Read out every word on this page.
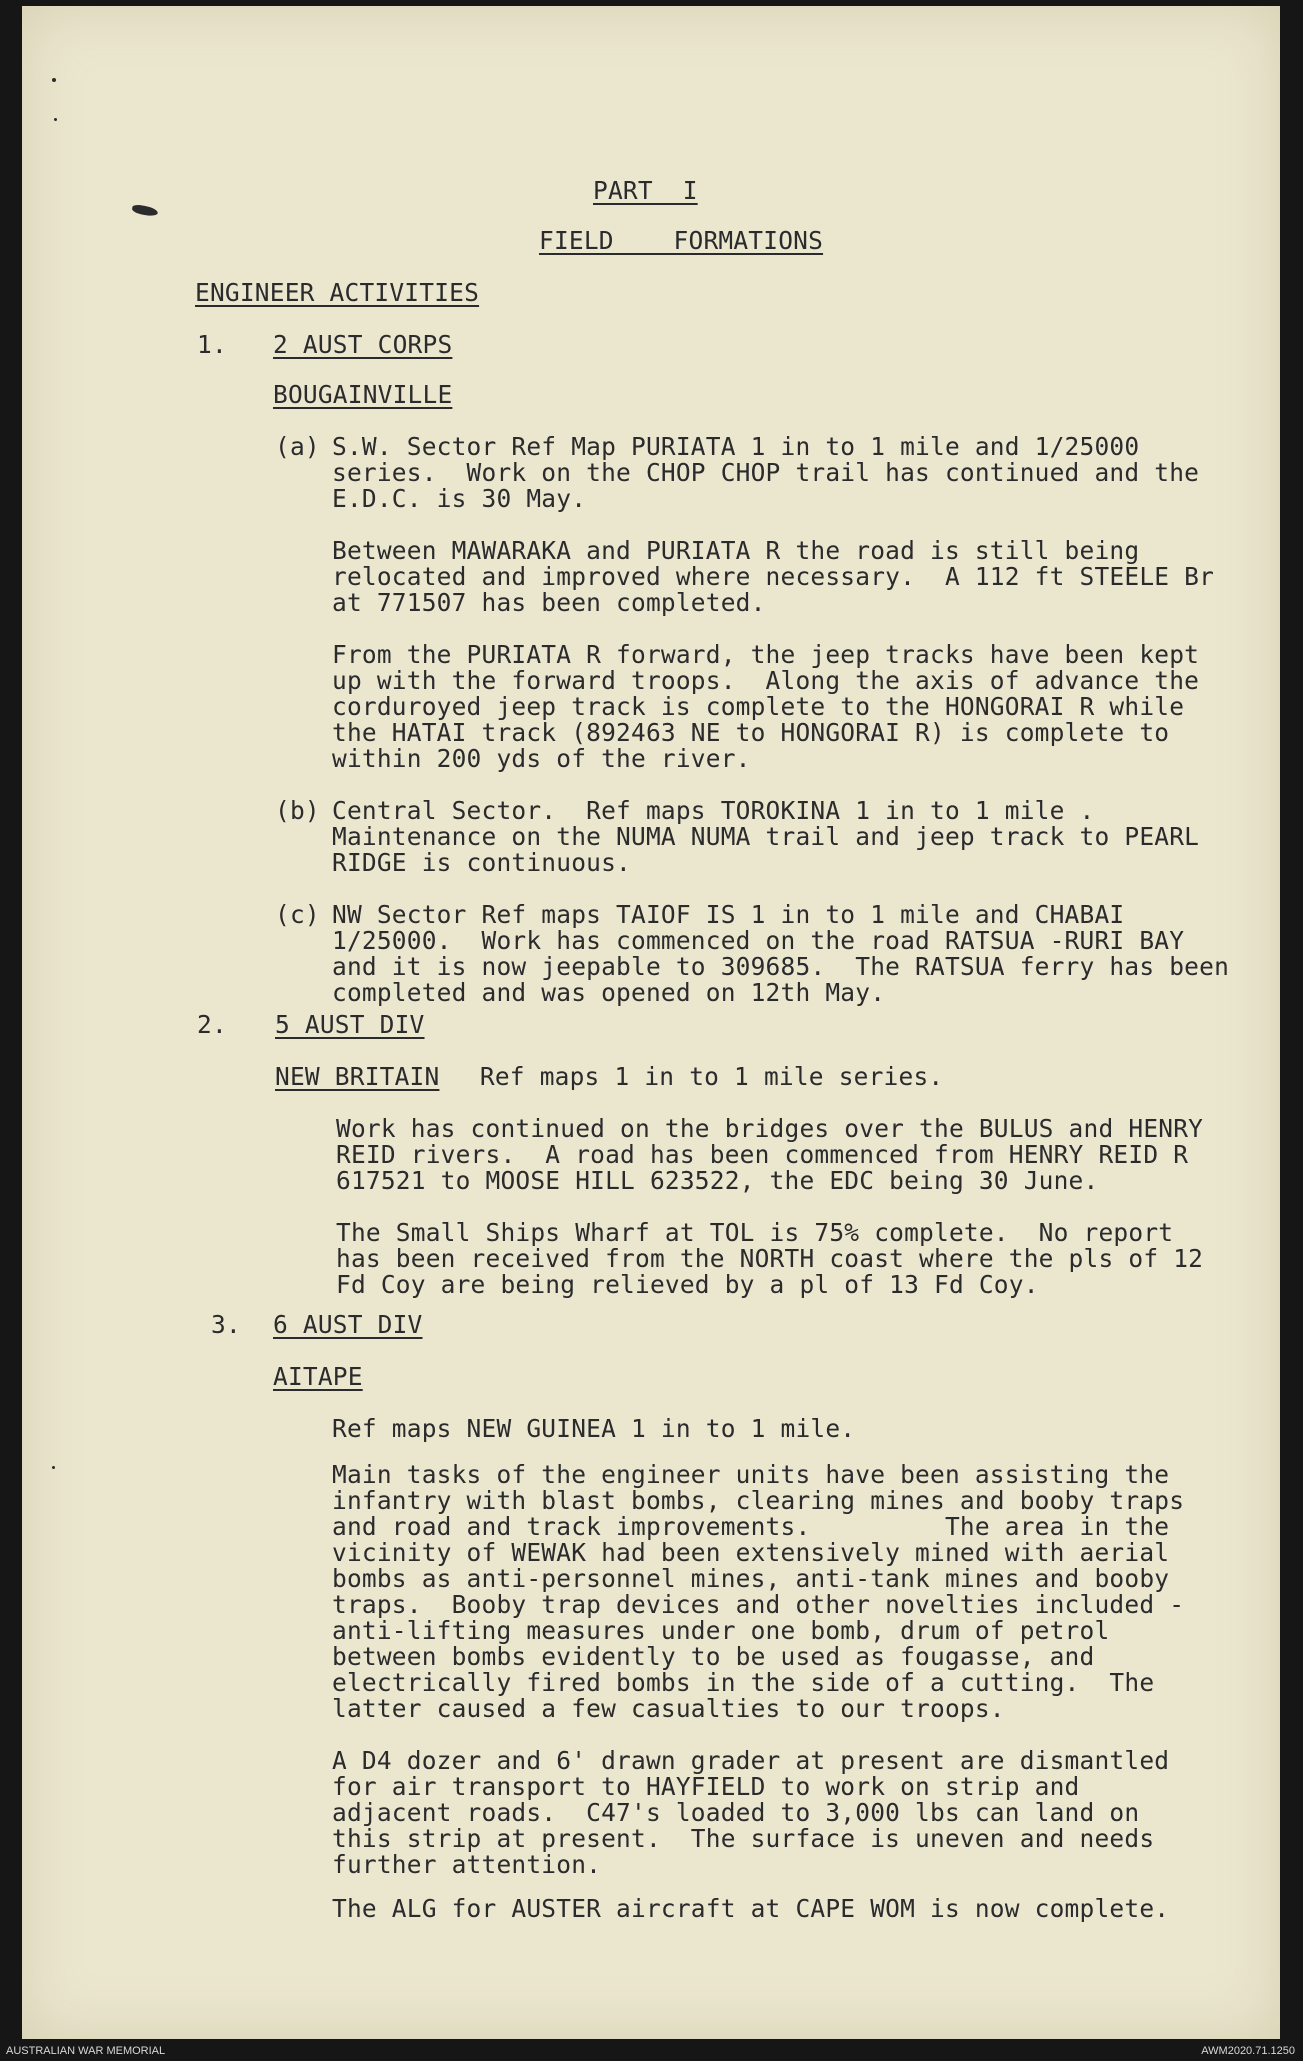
PART  I
FIELD    FORMATIONS
ENGINEER ACTIVITIES
1. 2 AUST CORPS
BOUGAINVILLE
(a) S.W. Sector Ref Map PURIATA 1 in to 1 mile and 1/25000
series.  Work on the CHOP CHOP trail has continued and the
E.D.C. is 30 May.
Between MAWARAKA and PURIATA R the road is still being
relocated and improved where necessary.  A 112 ft STEELE Br
at 771507 has been completed.
From the PURIATA R forward, the jeep tracks have been kept
up with the forward troops.  Along the axis of advance the
corduroyed jeep track is complete to the HONGORAI R while
the HATAI track (892463 NE to HONGORAI R) is complete to
within 200 yds of the river.
(b) Central Sector.  Ref maps TOROKINA 1 in to 1 mile .
Maintenance on the NUMA NUMA trail and jeep track to PEARL
RIDGE is continuous.
(c) NW Sector Ref maps TAIOF IS 1 in to 1 mile and CHABAI
1/25000.  Work has commenced on the road RATSUA -RURI BAY
and it is now jeepable to 309685.  The RATSUA ferry has been
completed and was opened on 12th May.
2. 5 AUST DIV
NEW BRITAIN Ref maps 1 in to 1 mile series.
Work has continued on the bridges over the BULUS and HENRY
REID rivers.  A road has been commenced from HENRY REID R
617521 to MOOSE HILL 623522, the EDC being 30 June.
The Small Ships Wharf at TOL is 75% complete.  No report
has been received from the NORTH coast where the pls of 12
Fd Coy are being relieved by a pl of 13 Fd Coy.
3. 6 AUST DIV
AITAPE
Ref maps NEW GUINEA 1 in to 1 mile.
Main tasks of the engineer units have been assisting the
infantry with blast bombs, clearing mines and booby traps
and road and track improvements.         The area in the
vicinity of WEWAK had been extensively mined with aerial
bombs as anti-personnel mines, anti-tank mines and booby
traps.  Booby trap devices and other novelties included -
anti-lifting measures under one bomb, drum of petrol
between bombs evidently to be used as fougasse, and
electrically fired bombs in the side of a cutting.  The
latter caused a few casualties to our troops.
A D4 dozer and 6' drawn grader at present are dismantled
for air transport to HAYFIELD to work on strip and
adjacent roads.  C47's loaded to 3,000 lbs can land on
this strip at present.  The surface is uneven and needs
further attention.
The ALG for AUSTER aircraft at CAPE WOM is now complete.
AUSTRALIAN WAR MEMORIAL	AWM2020.71.1250
